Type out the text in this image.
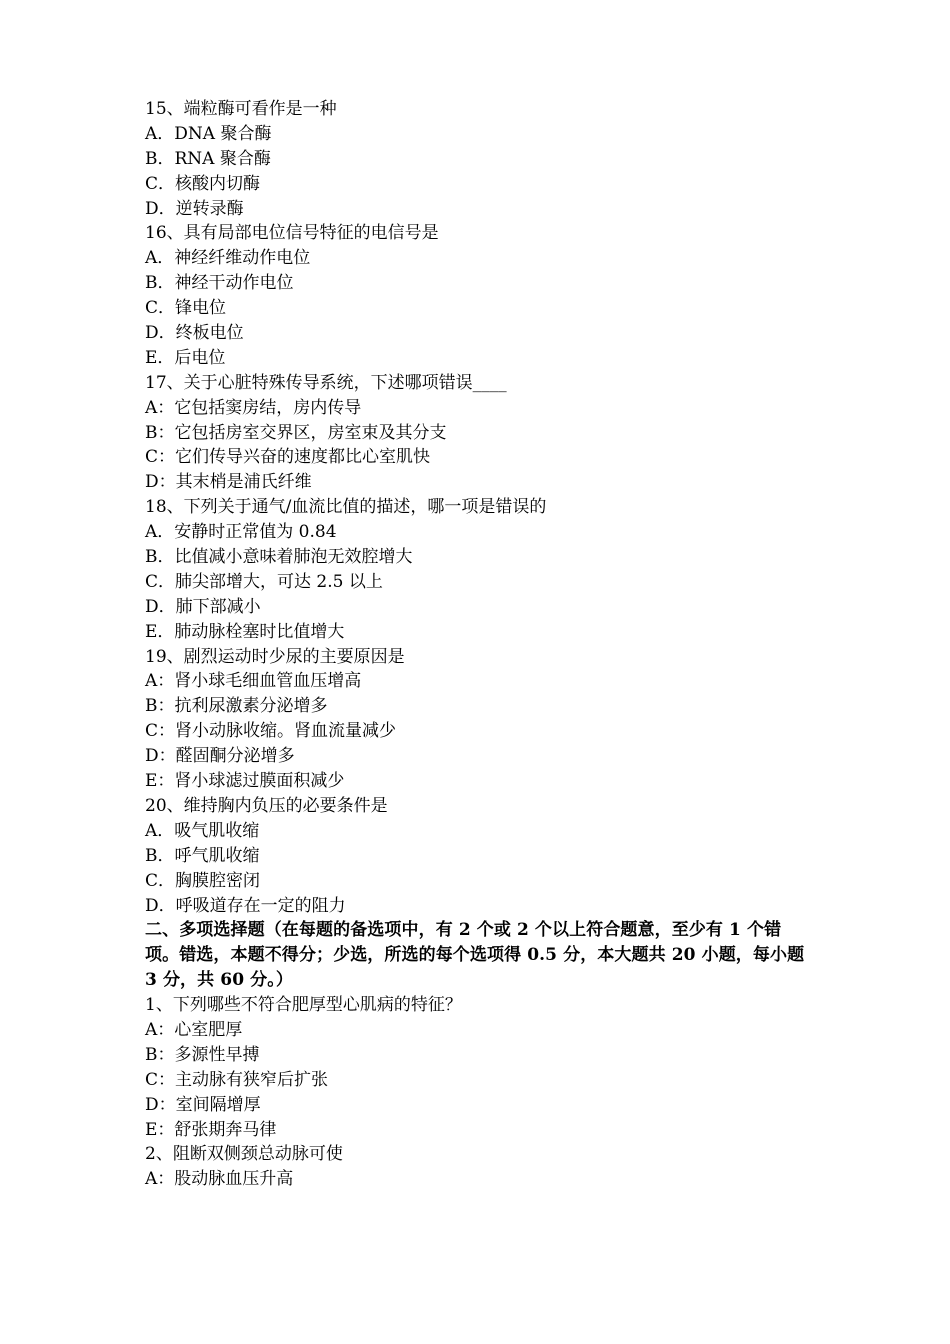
15、端粒酶可看作是一种
A．DNA 聚合酶
B．RNA 聚合酶
C．核酸内切酶
D．逆转录酶
16、具有局部电位信号特征的电信号是
A．神经纤维动作电位
B．神经干动作电位
C．锋电位
D．终板电位
E．后电位
17、关于心脏特殊传导系统，下述哪项错误____
A：它包括窦房结，房内传导
B：它包括房室交界区，房室束及其分支
C：它们传导兴奋的速度都比心室肌快
D：其末梢是浦氏纤维
18、下列关于通气/血流比值的描述，哪一项是错误的
A．安静时正常值为 0.84
B．比值减小意味着肺泡无效腔增大
C．肺尖部增大，可达 2.5 以上
D．肺下部减小
E．肺动脉栓塞时比值增大
19、剧烈运动时少尿的主要原因是
A：肾小球毛细血管血压增高
B：抗利尿激素分泌增多
C：肾小动脉收缩。肾血流量减少
D：醛固酮分泌增多
E：肾小球滤过膜面积减少
20、维持胸内负压的必要条件是
A．吸气肌收缩
B．呼气肌收缩
C．胸膜腔密闭
D．呼吸道存在一定的阻力
二、多项选择题（在每题的备选项中，有 2 个或 2 个以上符合题意，至少有 1 个错项。错选，本题不得分；少选，所选的每个选项得 0.5 分，本大题共 20 小题，每小题 3 分，共 60 分。）
1、下列哪些不符合肥厚型心肌病的特征？
A：心室肥厚
B：多源性早搏
C：主动脉有狭窄后扩张
D：室间隔增厚
E：舒张期奔马律
2、阻断双侧颈总动脉可使
A：股动脉血压升高
